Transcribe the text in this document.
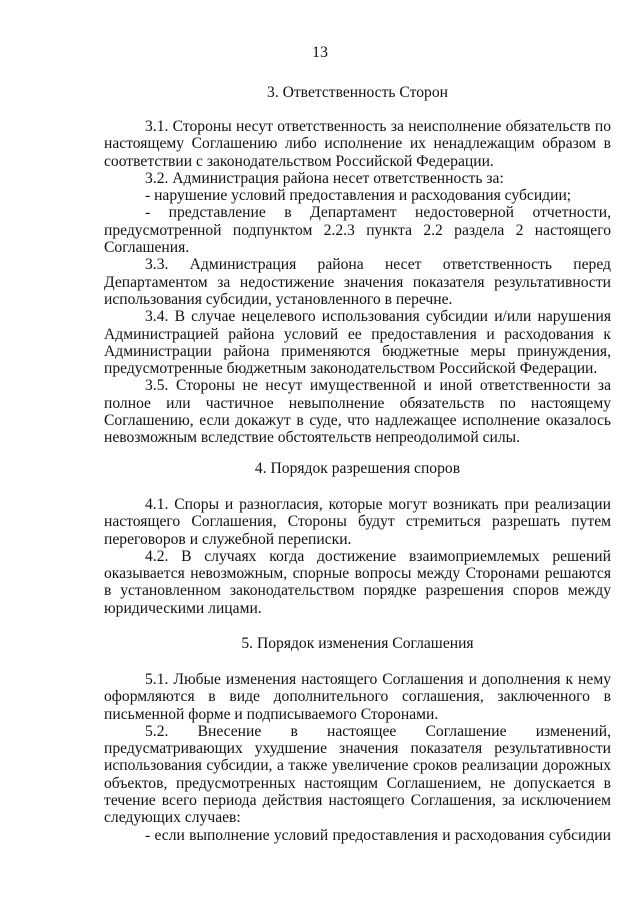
13
3. Ответственность Сторон
3.1. Стороны несут ответственность за неисполнение обязательств по настоящему Соглашению либо исполнение их ненадлежащим образом в соответствии с законодательством Российской Федерации.
3.2. Администрация района несет ответственность за:
- нарушение условий предоставления и расходования субсидии;
- представление в Департамент недостоверной отчетности, предусмотренной подпунктом 2.2.3 пункта 2.2 раздела 2 настоящего Соглашения.
3.3. Администрация района несет ответственность перед Департаментом за недостижение значения показателя результативности использования субсидии, установленного в перечне.
3.4. В случае нецелевого использования субсидии и/или нарушения Администрацией района условий ее предоставления и расходования к Администрации района применяются бюджетные меры принуждения, предусмотренные бюджетным законодательством Российской Федерации.
3.5. Стороны не несут имущественной и иной ответственности за полное или частичное невыполнение обязательств по настоящему Соглашению, если докажут в суде, что надлежащее исполнение оказалось невозможным вследствие обстоятельств непреодолимой силы.
4. Порядок разрешения споров
4.1. Споры и разногласия, которые могут возникать при реализации настоящего Соглашения, Стороны будут стремиться разрешать путем переговоров и служебной переписки.
4.2. В случаях когда достижение взаимоприемлемых решений оказывается невозможным, спорные вопросы между Сторонами решаются в установленном законодательством порядке разрешения споров между юридическими лицами.
5. Порядок изменения Соглашения
5.1. Любые изменения настоящего Соглашения и дополнения к нему оформляются в виде дополнительного соглашения, заключенного в письменной форме и подписываемого Сторонами.
5.2. Внесение в настоящее Соглашение изменений, предусматривающих ухудшение значения показателя результативности использования субсидии, а также увеличение сроков реализации дорожных объектов, предусмотренных настоящим Соглашением, не допускается в течение всего периода действия настоящего Соглашения, за исключением следующих случаев:
- если выполнение условий предоставления и расходования субсидии
